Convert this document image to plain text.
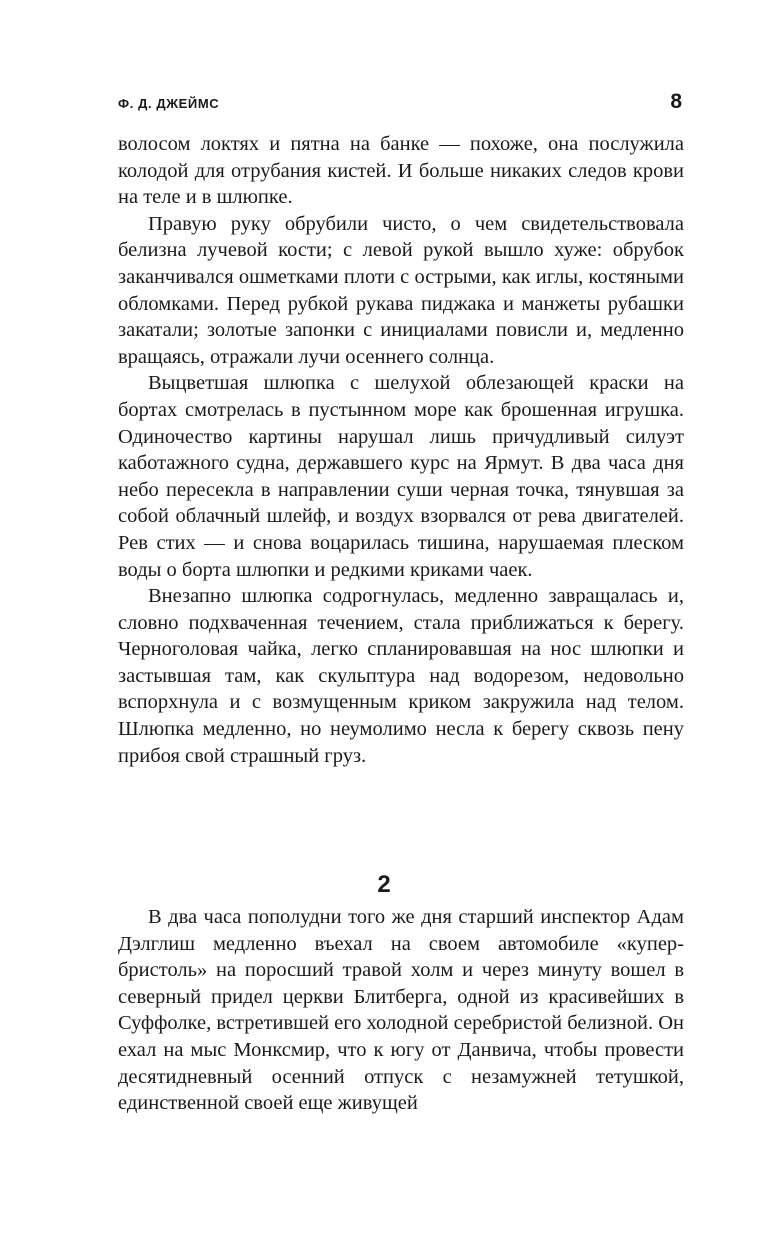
Ф. Д. ДЖЕЙМС	8

волосом локтях и пятна на банке — похоже, она послужила колодой для отрубания кистей. И больше никаких следов крови на теле и в шлюпке.

Правую руку обрубили чисто, о чем свидетельствовала белизна лучевой кости; с левой рукой вышло хуже: обрубок заканчивался ошметками плоти с острыми, как иглы, костяными обломками. Перед рубкой рукава пиджака и манжеты рубашки закатали; золотые запонки с инициалами повисли и, медленно вращаясь, отражали лучи осеннего солнца.

Выцветшая шлюпка с шелухой облезающей краски на бортах смотрелась в пустынном море как брошенная игрушка. Одиночество картины нарушал лишь причудливый силуэт каботажного судна, державшего курс на Ярмут. В два часа дня небо пересекла в направлении суши черная точка, тянувшая за собой облачный шлейф, и воздух взорвался от рева двигателей. Рев стих — и снова воцарилась тишина, нарушаемая плеском воды о борта шлюпки и редкими криками чаек.

Внезапно шлюпка содрогнулась, медленно завращалась и, словно подхваченная течением, стала приближаться к берегу. Черноголовая чайка, легко спланировавшая на нос шлюпки и застывшая там, как скульптура над водорезом, недовольно вспорхнула и с возмущенным криком закружила над телом. Шлюпка медленно, но неумолимо несла к берегу сквозь пену прибоя свой страшный груз.

2

В два часа пополудни того же дня старший инспектор Адам Дэлглиш медленно въехал на своем автомобиле «купер-бристоль» на поросший травой холм и через минуту вошел в северный придел церкви Блитберга, одной из красивейших в Суффолке, встретившей его холодной серебристой белизной. Он ехал на мыс Монксмир, что к югу от Данвича, чтобы провести десятидневный осенний отпуск с незамужней тетушкой, единственной своей еще живущей
